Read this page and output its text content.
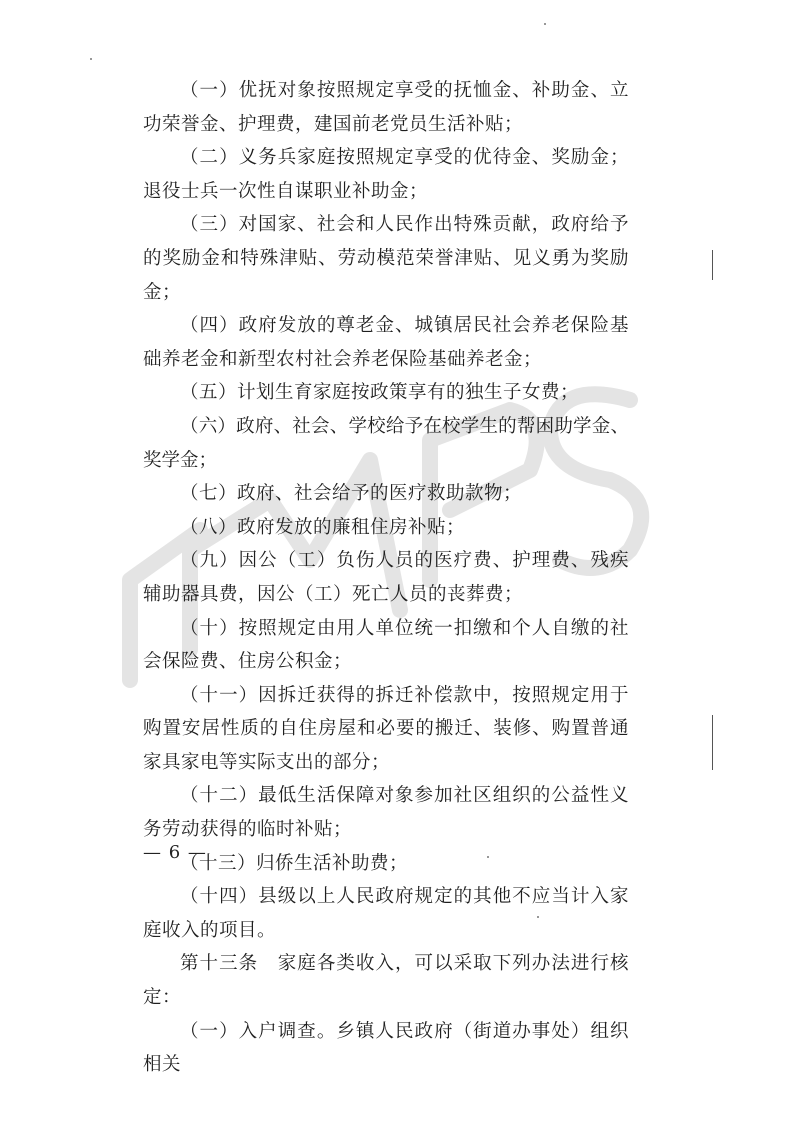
（一）优抚对象按照规定享受的抚恤金、补助金、立功荣誉金、护理费，建国前老党员生活补贴；

（二）义务兵家庭按照规定享受的优待金、奖励金；退役士兵一次性自谋职业补助金；

（三）对国家、社会和人民作出特殊贡献，政府给予的奖励金和特殊津贴、劳动模范荣誉津贴、见义勇为奖励金；

（四）政府发放的尊老金、城镇居民社会养老保险基础养老金和新型农村社会养老保险基础养老金；

（五）计划生育家庭按政策享有的独生子女费；

（六）政府、社会、学校给予在校学生的帮困助学金、奖学金；

（七）政府、社会给予的医疗救助款物；

（八）政府发放的廉租住房补贴；

（九）因公（工）负伤人员的医疗费、护理费、残疾辅助器具费，因公（工）死亡人员的丧葬费；

（十）按照规定由用人单位统一扣缴和个人自缴的社会保险费、住房公积金；

（十一）因拆迁获得的拆迁补偿款中，按照规定用于购置安居性质的自住房屋和必要的搬迁、装修、购置普通家具家电等实际支出的部分；

（十二）最低生活保障对象参加社区组织的公益性义务劳动获得的临时补贴；

（十三）归侨生活补助费；

（十四）县级以上人民政府规定的其他不应当计入家庭收入的项目。

第十三条　家庭各类收入，可以采取下列办法进行核定：

（一）入户调查。乡镇人民政府（街道办事处）组织相关

— 6 —
